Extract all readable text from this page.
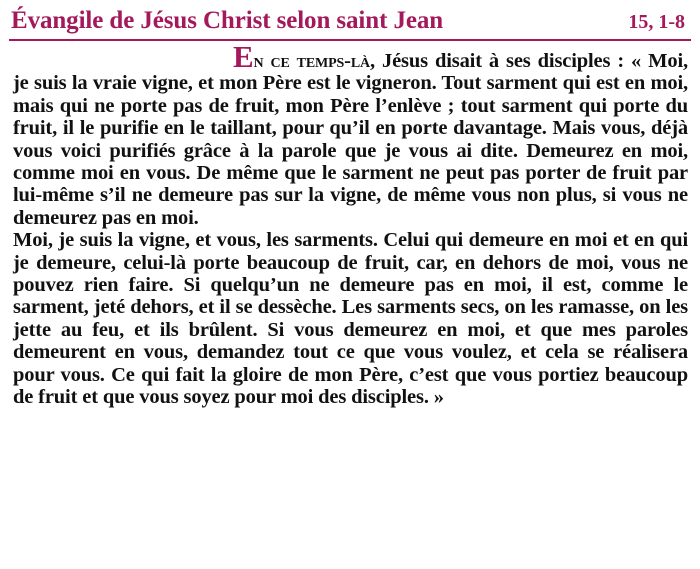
Évangile de Jésus Christ selon saint Jean	15, 1-8

En ce temps-là, Jésus disait à ses disciples : « Moi, je suis la vraie vigne, et mon Père est le vigneron. Tout sarment qui est en moi, mais qui ne porte pas de fruit, mon Père l’enlève ; tout sarment qui porte du fruit, il le purifie en le taillant, pour qu’il en porte davantage. Mais vous, déjà vous voici purifiés grâce à la parole que je vous ai dite. Demeurez en moi, comme moi en vous. De même que le sarment ne peut pas porter de fruit par lui-même s’il ne demeure pas sur la vigne, de même vous non plus, si vous ne demeurez pas en moi.

Moi, je suis la vigne, et vous, les sarments. Celui qui demeure en moi et en qui je demeure, celui-là porte beaucoup de fruit, car, en dehors de moi, vous ne pouvez rien faire. Si quelqu’un ne demeure pas en moi, il est, comme le sarment, jeté dehors, et il se dessèche. Les sarments secs, on les ramasse, on les jette au feu, et ils brûlent. Si vous demeurez en moi, et que mes paroles demeurent en vous, demandez tout ce que vous voulez, et cela se réalisera pour vous. Ce qui fait la gloire de mon Père, c’est que vous portiez beaucoup de fruit et que vous soyez pour moi des disciples. »
